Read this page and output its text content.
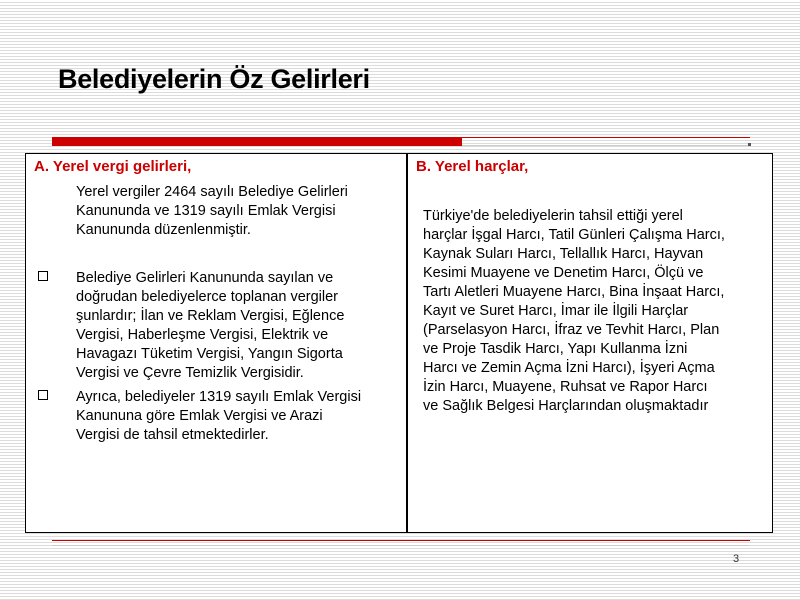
Belediyelerin Öz Gelirleri
A. Yerel vergi gelirleri,
Yerel vergiler 2464 sayılı Belediye Gelirleri
Kanununda ve 1319 sayılı Emlak Vergisi
Kanununda düzenlenmiştir.
Belediye Gelirleri Kanununda sayılan ve
doğrudan belediyelerce toplanan vergiler
şunlardır; İlan ve Reklam Vergisi, Eğlence
Vergisi, Haberleşme Vergisi, Elektrik ve
Havagazı Tüketim Vergisi, Yangın Sigorta
Vergisi ve Çevre Temizlik Vergisidir.
Ayrıca, belediyeler 1319 sayılı Emlak Vergisi
Kanununa göre Emlak Vergisi ve Arazi
Vergisi de tahsil etmektedirler.
B. Yerel harçlar,
Türkiye'de belediyelerin tahsil ettiği yerel
harçlar İşgal Harcı, Tatil Günleri Çalışma Harcı,
Kaynak Suları Harcı, Tellallık Harcı, Hayvan
Kesimi Muayene ve Denetim Harcı, Ölçü ve
Tartı Aletleri Muayene Harcı, Bina İnşaat Harcı,
Kayıt ve Suret Harcı, İmar ile İlgili Harçlar
(Parselasyon Harcı, İfraz ve Tevhit Harcı, Plan
ve Proje Tasdik Harcı, Yapı Kullanma İzni
Harcı ve Zemin Açma İzni Harcı), İşyeri Açma
İzin Harcı, Muayene, Ruhsat ve Rapor Harcı
ve Sağlık Belgesi Harçlarından oluşmaktadır
3
